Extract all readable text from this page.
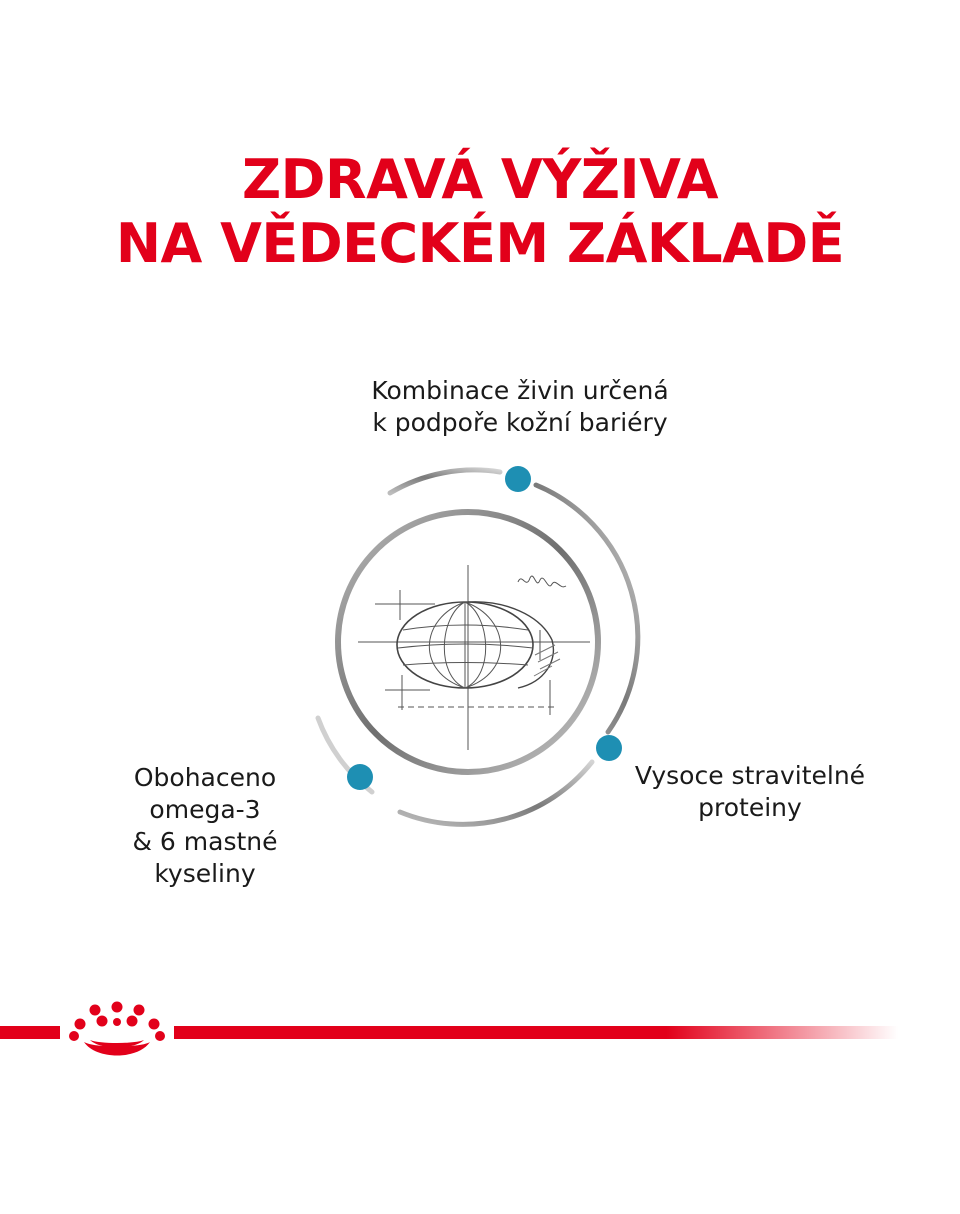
ZDRAVÁ VÝŽIVA
NA VĚDECKÉM ZÁKLADĚ
Kombinace živin určená
k podpoře kožní bariéry
Vysoce stravitelné
proteiny
Obohaceno
omega-3
& 6 mastné
kyseliny
